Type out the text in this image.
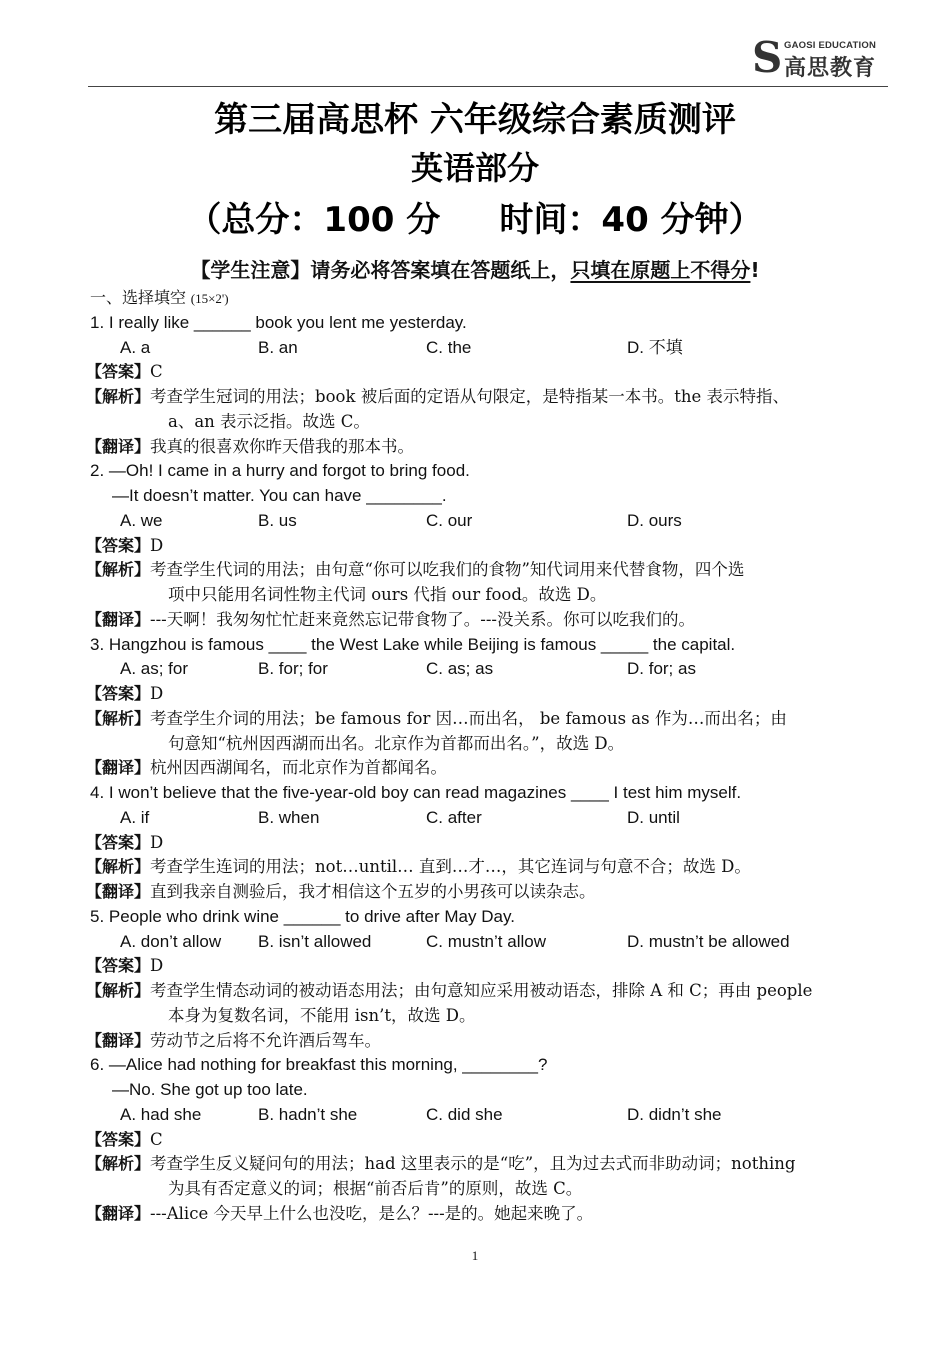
S GAOSI EDUCATION
高思教育
第三届高思杯 六年级综合素质测评
英语部分
（总分：100 分     时间：40 分钟）
【学生注意】请务必将答案填在答题纸上，只填在原题上不得分!
一、选择填空 (15×2')
1. I really like ______ book you lent me yesterday.
A. a	B. an	C. the	D. 不填
【答案】C
【解析】考查学生冠词的用法；book 被后面的定语从句限定，是特指某一本书。the 表示特指、
a、an 表示泛指。故选 C。
【翻译】我真的很喜欢你昨天借我的那本书。
2. —Oh! I came in a hurry and forgot to bring food.
—It doesn’t matter. You can have ________.
A. we	B. us	C. our	D. ours
【答案】D
【解析】考查学生代词的用法；由句意“你可以吃我们的食物”知代词用来代替食物，四个选
项中只能用名词性物主代词 ours 代指 our food。故选 D。
【翻译】---天啊！我匆匆忙忙赶来竟然忘记带食物了。---没关系。你可以吃我们的。
3. Hangzhou is famous ____ the West Lake while Beijing is famous _____ the capital.
A. as; for	B. for; for	C. as; as	D. for; as
【答案】D
【解析】考查学生介词的用法；be famous for 因…而出名， be famous as 作为…而出名；由
句意知“杭州因西湖而出名。北京作为首都而出名。”，故选 D。
【翻译】杭州因西湖闻名，而北京作为首都闻名。
4. I won’t believe that the five-year-old boy can read magazines ____ I test him myself.
A. if	B. when	C. after	D. until
【答案】D
【解析】考查学生连词的用法；not…until… 直到…才…，其它连词与句意不合；故选 D。
【翻译】直到我亲自测验后，我才相信这个五岁的小男孩可以读杂志。
5. People who drink wine ______ to drive after May Day.
A. don’t allow B. isn’t allowed	C. mustn’t allow	D. mustn’t be allowed
【答案】D
【解析】考查学生情态动词的被动语态用法；由句意知应采用被动语态，排除 A 和 C；再由 people
本身为复数名词，不能用 isn’t，故选 D。
【翻译】劳动节之后将不允许酒后驾车。
6. —Alice had nothing for breakfast this morning, ________?
—No. She got up too late.
A. had she	B. hadn’t she	C. did she	D. didn’t she
【答案】C
【解析】考查学生反义疑问句的用法；had 这里表示的是“吃”，且为过去式而非助动词；nothing
为具有否定意义的词；根据“前否后肯”的原则，故选 C。
【翻译】---Alice 今天早上什么也没吃，是么？---是的。她起来晚了。
1
